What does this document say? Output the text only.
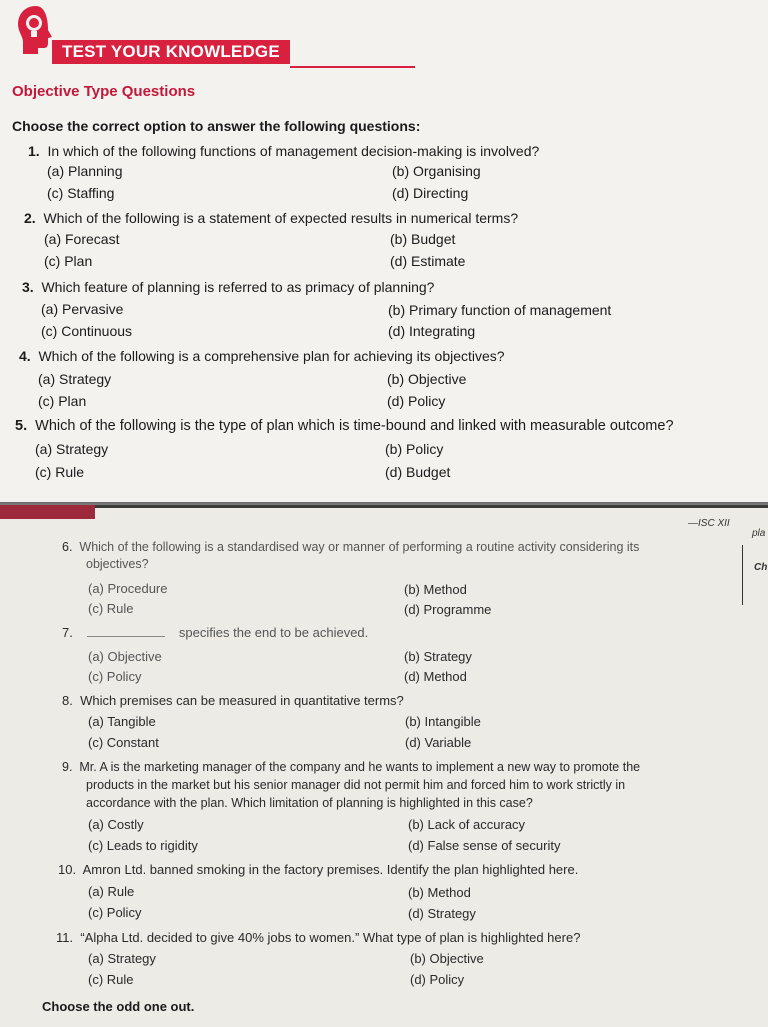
TEST YOUR KNOWLEDGE
Objective Type Questions
Choose the correct option to answer the following questions:
1. In which of the following functions of management decision-making is involved?
(a) Planning	(b) Organising
(c) Staffing	(d) Directing
2. Which of the following is a statement of expected results in numerical terms?
(a) Forecast	(b) Budget
(c) Plan	(d) Estimate
3. Which feature of planning is referred to as primacy of planning?
(a) Pervasive	(b) Primary function of management
(c) Continuous	(d) Integrating
4. Which of the following is a comprehensive plan for achieving its objectives?
(a) Strategy	(b) Objective
(c) Plan	(d) Policy
5. Which of the following is the type of plan which is time-bound and linked with measurable outcome?
(a) Strategy	(b) Policy
(c) Rule	(d) Budget
—ISC XII
pla
Ch
6. Which of the following is a standardised way or manner of performing a routine activity considering its
objectives?
(a) Procedure	(b) Method
(c) Rule	(d) Programme
7.	specifies the end to be achieved.
(a) Objective	(b) Strategy
(c) Policy	(d) Method
8. Which premises can be measured in quantitative terms?
(a) Tangible	(b) Intangible
(c) Constant	(d) Variable
9. Mr. A is the marketing manager of the company and he wants to implement a new way to promote the
products in the market but his senior manager did not permit him and forced him to work strictly in
accordance with the plan. Which limitation of planning is highlighted in this case?
(a) Costly	(b) Lack of accuracy
(c) Leads to rigidity	(d) False sense of security
10. Amron Ltd. banned smoking in the factory premises. Identify the plan highlighted here.
(a) Rule	(b) Method
(c) Policy	(d) Strategy
11. “Alpha Ltd. decided to give 40% jobs to women.” What type of plan is highlighted here?
(a) Strategy	(b) Objective
(c) Rule	(d) Policy
Choose the odd one out.
